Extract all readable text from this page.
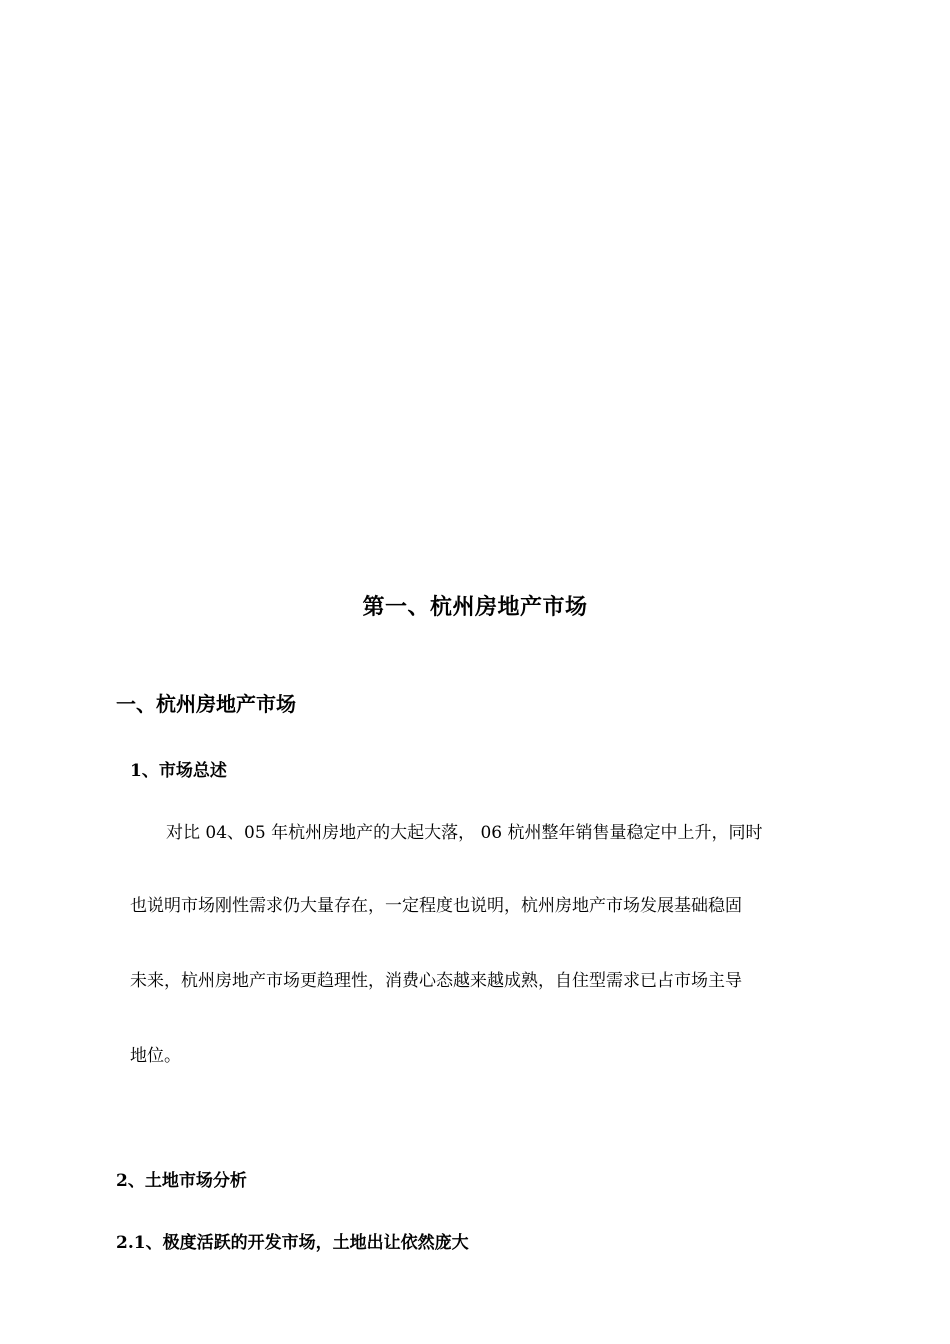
第一、杭州房地产市场
一、杭州房地产市场
1、市场总述
对比 04、05 年杭州房地产的大起大落， 06 杭州整年销售量稳定中上升，同时
也说明市场刚性需求仍大量存在，一定程度也说明，杭州房地产市场发展基础稳固
未来，杭州房地产市场更趋理性，消费心态越来越成熟，自住型需求已占市场主导
地位。
2、土地市场分析
2.1、极度活跃的开发市场，土地出让依然庞大
